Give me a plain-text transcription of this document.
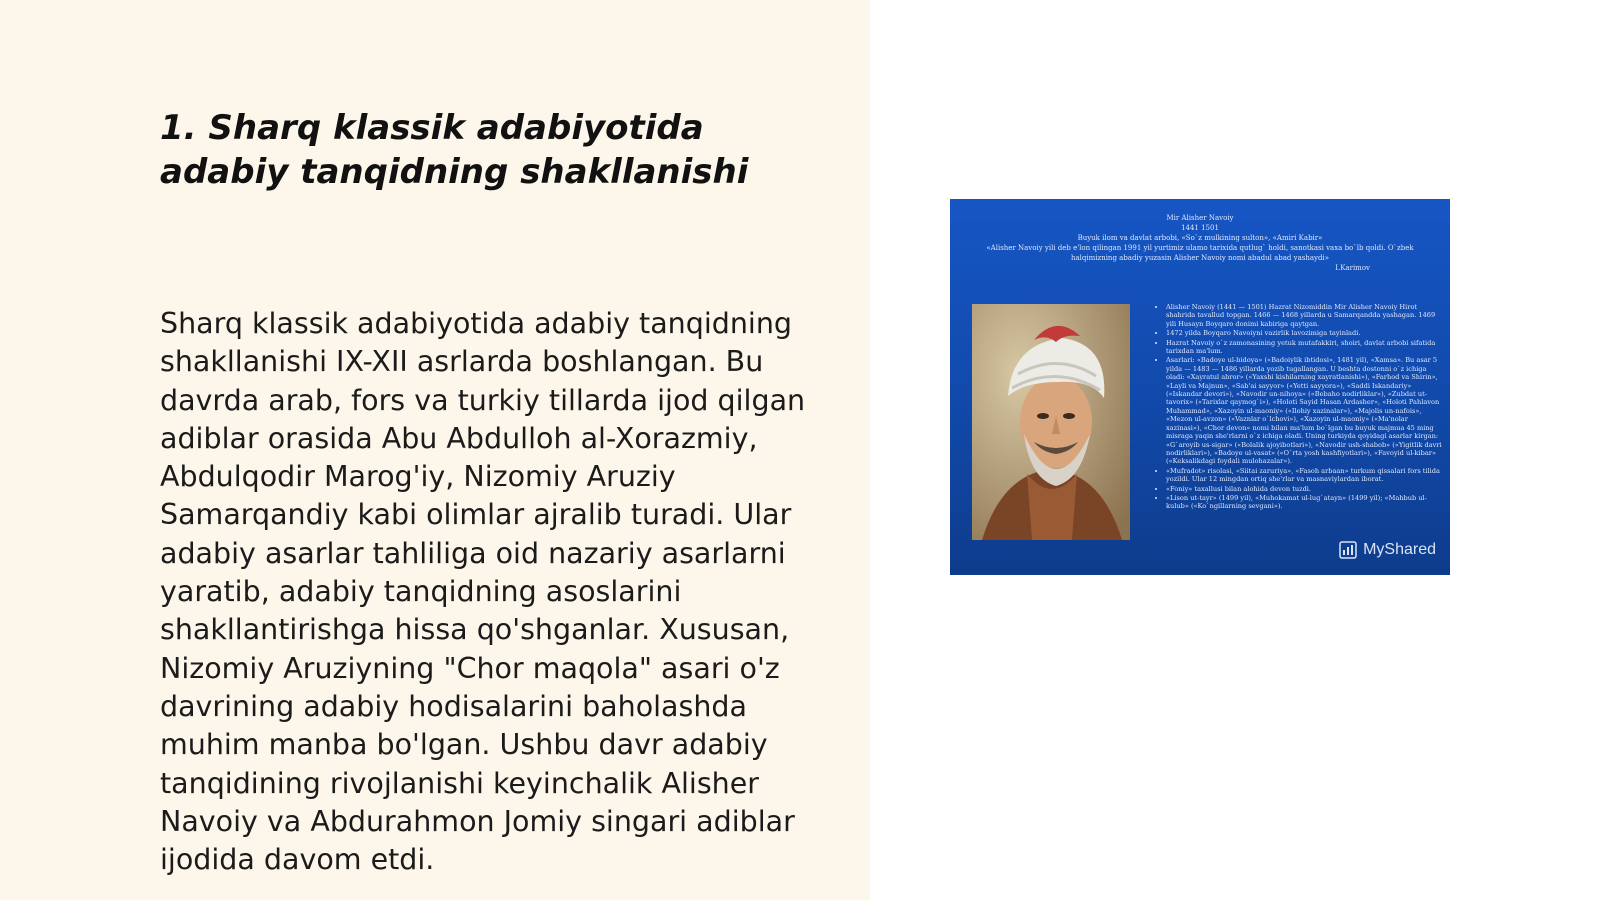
1. Sharq klassik adabiyotida adabiy tanqidning shakllanishi

Sharq klassik adabiyotida adabiy tanqidning shakllanishi IX-XII asrlarda boshlangan. Bu davrda arab, fors va turkiy tillarda ijod qilgan adiblar orasida Abu Abdulloh al-Xorazmiy, Abdulqodir Marog'iy, Nizomiy Aruziy Samarqandiy kabi olimlar ajralib turadi. Ular adabiy asarlar tahliliga oid nazariy asarlarni yaratib, adabiy tanqidning asoslarini shakllantirishga hissa qo'shganlar. Xususan, Nizomiy Aruziyning "Chor maqola" asari o'z davrining adabiy hodisalarini baholashda muhim manba bo'lgan. Ushbu davr adabiy tanqidining rivojlanishi keyinchalik Alisher Navoiy va Abdurahmon Jomiy singari adiblar ijodida davom etdi.

Mir Alisher Navoiy
1441 1501
Buyuk ilom va davlat arbobi, «So`z mulkining sulton», «Amiri Kabir»
«Alisher Navoiy yili deb e'lon qilingan 1991 yil yurtimiz ulamo tarixida qutlug` holdi, sanotkasi vaxa bo`lb qoldi. O`zbek
halqimizning abadiy yuzasin Alisher Navoiy nomi abadul abad yashaydi»
I.Karimov
• Alisher Navoiy (1441 — 1501) Hazrat Nizomiddin Mir Alisher Navoiy Hirot shahrida tavallud topgan. 1466 — 1468 yillarda u Samarqandda yashagan. 1469 yili Husayn Boyqaro donimi kabiriga qaytgan.
• 1472 yilda Boyqaro Navoiyni vazirlik lavozimiga tayinladi.
• Hazrat Navoiy o`z zamonasining yetuk mutafakkiri, shoiri, davlat arbobi sifatida tarixdan ma'lum.
• Asarlari: «Badoye ul-bidoya» («Badoiylik ibtidosi», 1481 yil), «Xamsa». Bu asar 5 yilda — 1483 — 1486 yillarda yozib tugallangan. U beshta dostonni o`z ichiga oladi: «Xayratul abror» («Yaxshi kishilarning xayratlanishi»), «Farhod va Shirin», «Layli va Majnun», «Sab'ai sayyor» («Yetti sayyora»), «Saddi Iskandariy» («Iskandar devori»), «Navodir un-nihoya» («Bebaho nodirliklar»), «Zubdat ut-tavorix» («Tarixlar qaymog`i»), «Holoti Sayid Hasan Ardasher», «Holoti Pahlavon Muhammad», «Xazoyin ul-maoniy» («Ilohiy xazinalar»), «Majolis un-nafois», «Mezon ul-avzon» («Vaznlar o`lchovi»), «Xazoyin ul-maoniy» («Ma'nolar xazinasi»), «Chor devon» nomi bilan ma'lum bo`lgan bu buyuk majmua 45 ming misraga yaqin she'rlarni o`z ichiga oladi. Uning turkiyda qoyidagi asarlar kirgan: «G`aroyib us-sigar» («Bolalik ajoyibotlari»), «Navodir ush-shabob» («Yigitlik davri nodirliklari»), «Badoye ul-vasat» («O`rta yosh kashfiyotlari»), «Favoyid ul-kibar» («Keksalikdagi foydali mulohazalar»).
• «Mufradot» risolasi, «Siitai zaruriya», «Fasoh arbaan» turkum qissalari fors tilida yozildi. Ular 12 mingdan ortiq she'rlar va masnaviylardan iborat.
• «Foniy» taxallusi bilan alohida devon tuzdi.
• «Lison ut-tayr» (1499 yil), «Muhokamat ul-lug`atayn» (1499 yil); «Mahbub ul-kulub» («Ko`ngillarning sevgani»).
MyShared
